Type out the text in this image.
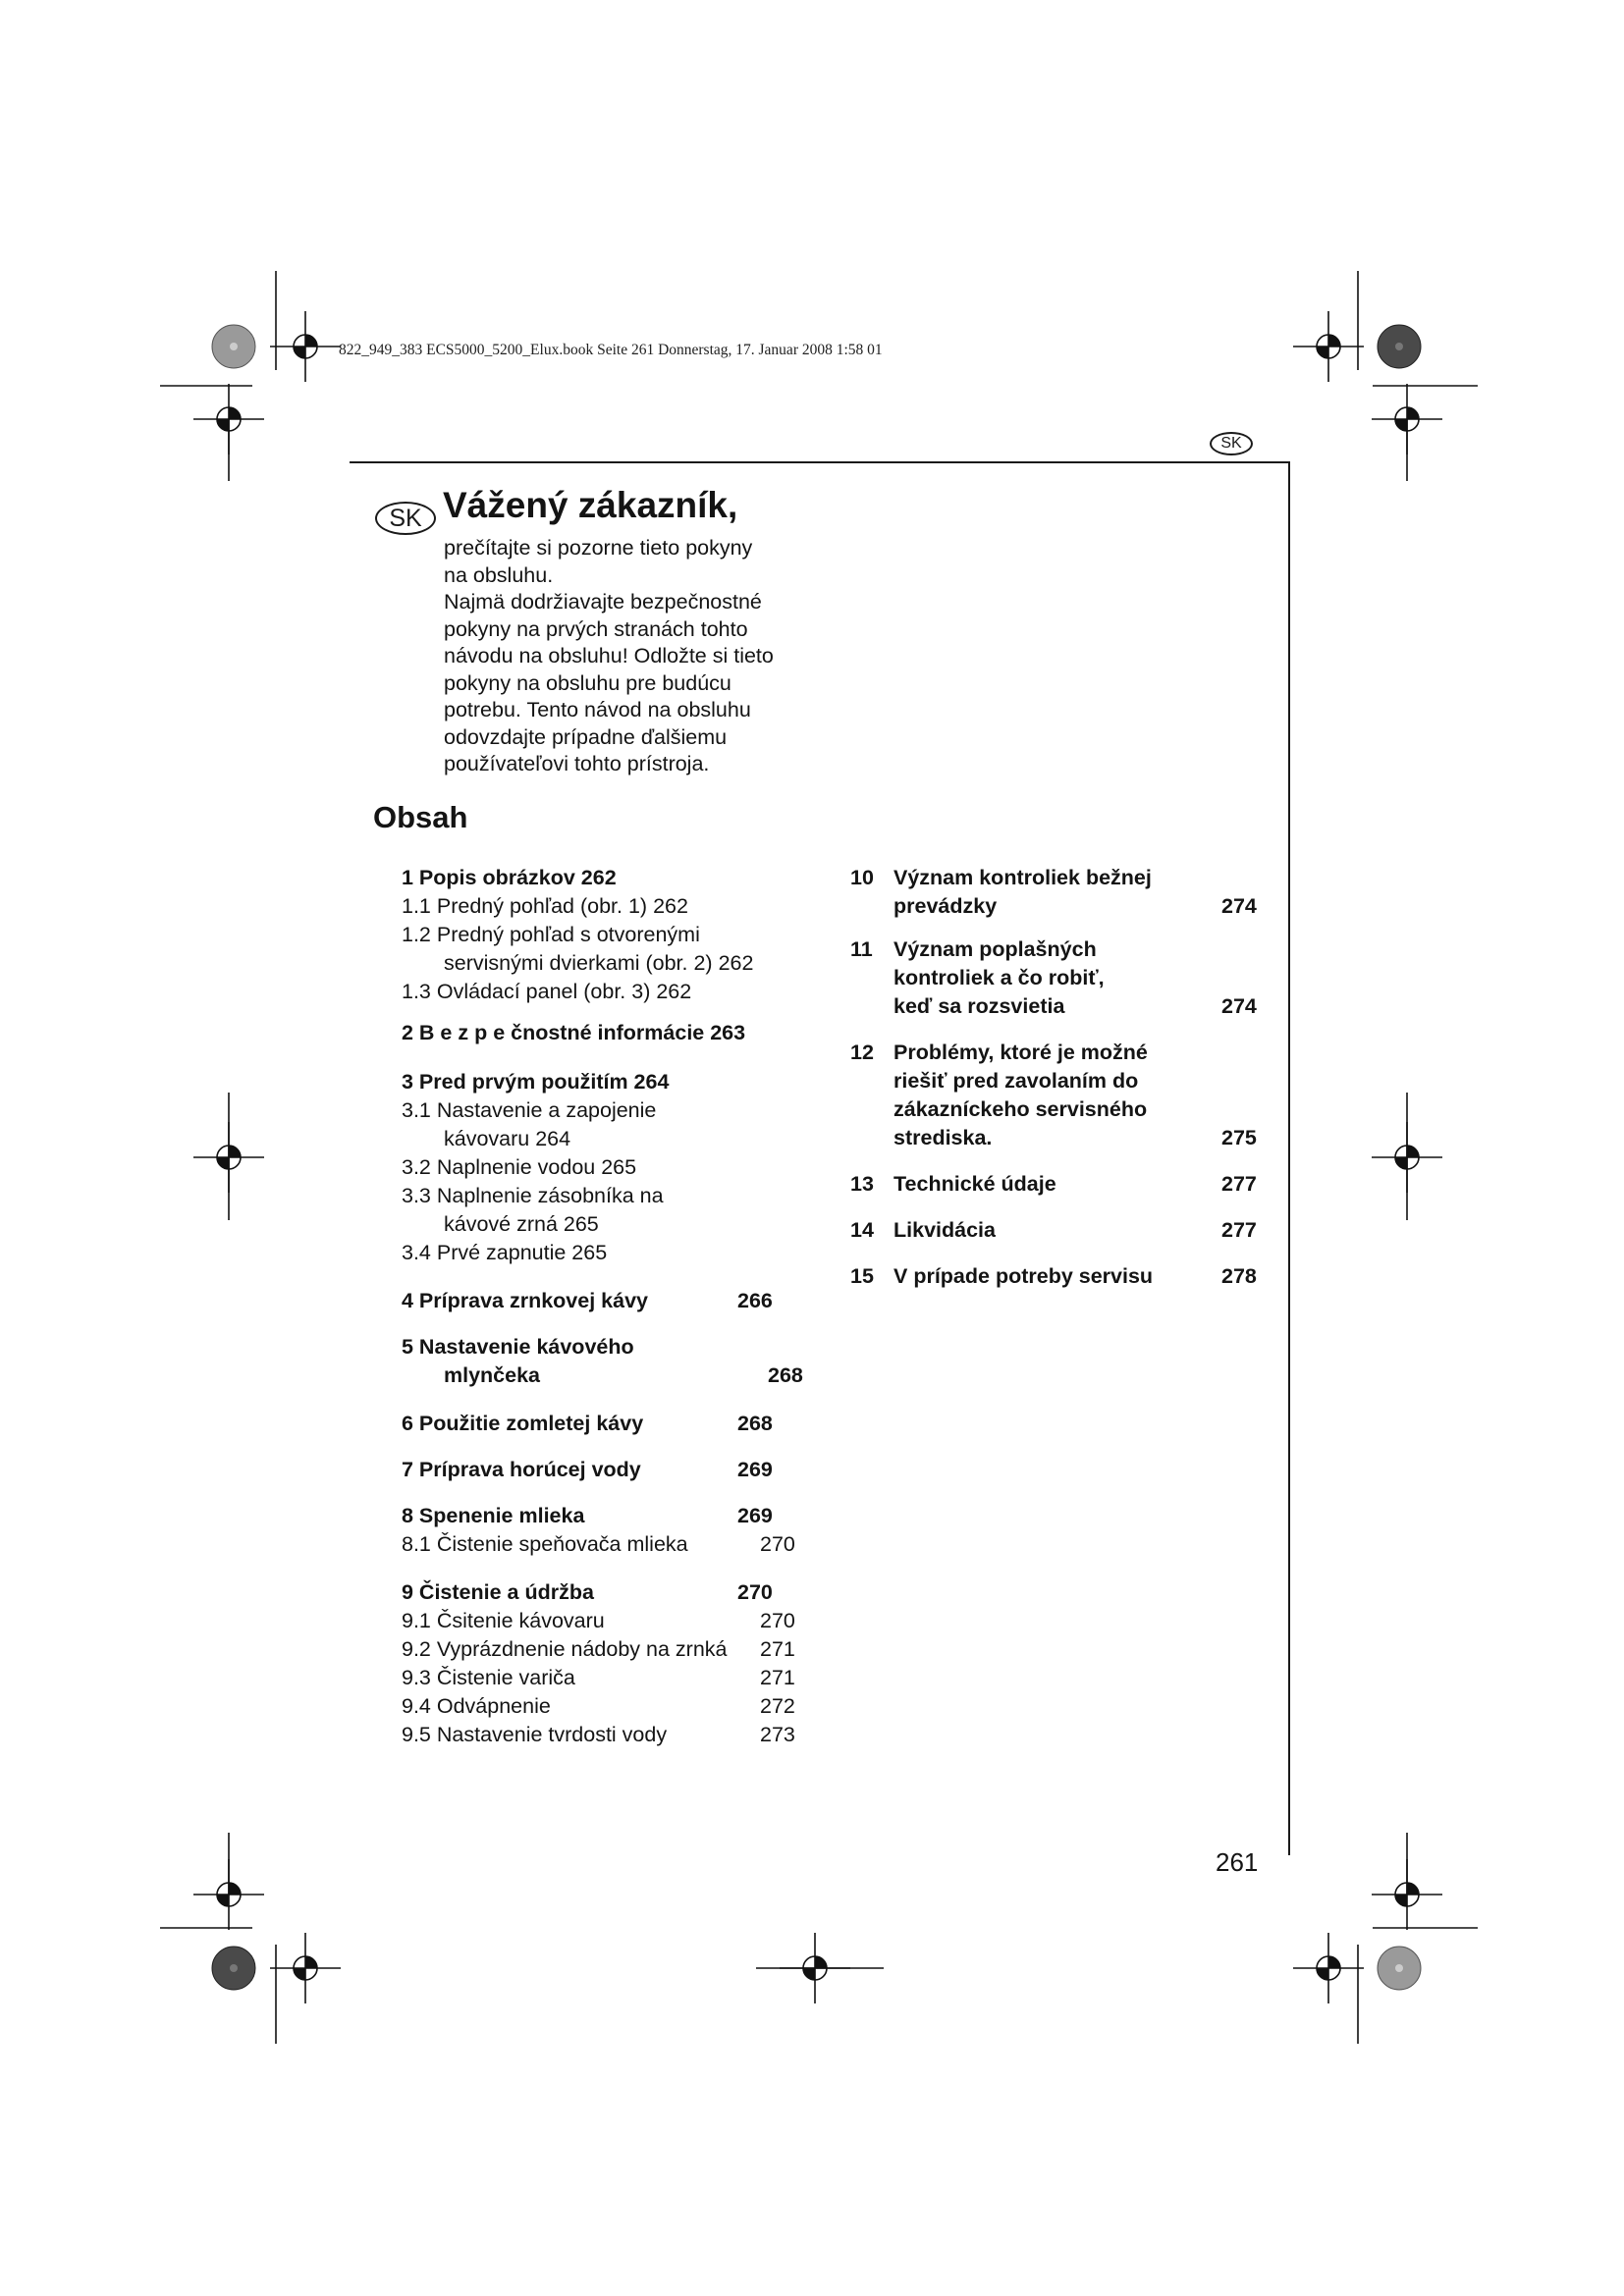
822_949_383 ECS5000_5200_Elux.book Seite 261 Donnerstag, 17. Januar 2008 1:58 01
SK
SK Vážený zákazník,

prečítajte si pozorne tieto pokyny
na obsluhu.

Najmä dodržiavajte bezpečnostné
pokyny na prvých stranách tohto
návodu na obsluhu! Odložte si tieto
pokyny na obsluhu pre budúcu
potrebu. Tento návod na obsluhu
odovzdajte prípadne ďalšiemu
používateľovi tohto prístroja.

Obsah
1 Popis obrázkov 262
1.1 Predný pohľad (obr. 1) 262
1.2 Predný pohľad s otvorenými
servisnými dvierkami (obr. 2) 262
1.3 Ovládací panel (obr. 3) 262
2 B e z p e čnostné informácie 263
3 Pred prvým použitím 264
3.1 Nastavenie a zapojenie
kávovaru 264
3.2 Naplnenie vodou 265
3.3 Naplnenie zásobníka na
kávové zrná 265
3.4 Prvé zapnutie 265
4 Príprava zrnkovej kávy	266
5 Nastavenie kávového
mlynčeka	268
6 Použitie zomletej kávy	268
7 Príprava horúcej vody	269
8 Spenenie mlieka	269
8.1 Čistenie speňovača mlieka	270
9 Čistenie a údržba	270
9.1 Čsitenie kávovaru	270
9.2 Vyprázdnenie nádoby na zrnká 271
9.3 Čistenie variča	271
9.4 Odvápnenie	272
9.5 Nastavenie tvrdosti vody	273
10 Význam kontroliek bežnej
prevádzky	274
11 Význam poplašných
kontroliek a čo robiť,
keď sa rozsvietia	274
12 Problémy, ktoré je možné
riešiť pred zavolaním do
zákazníckeho servisného
strediska.	275
13 Technické údaje	277
14 Likvidácia	277
15 V prípade potreby servisu	278
261
